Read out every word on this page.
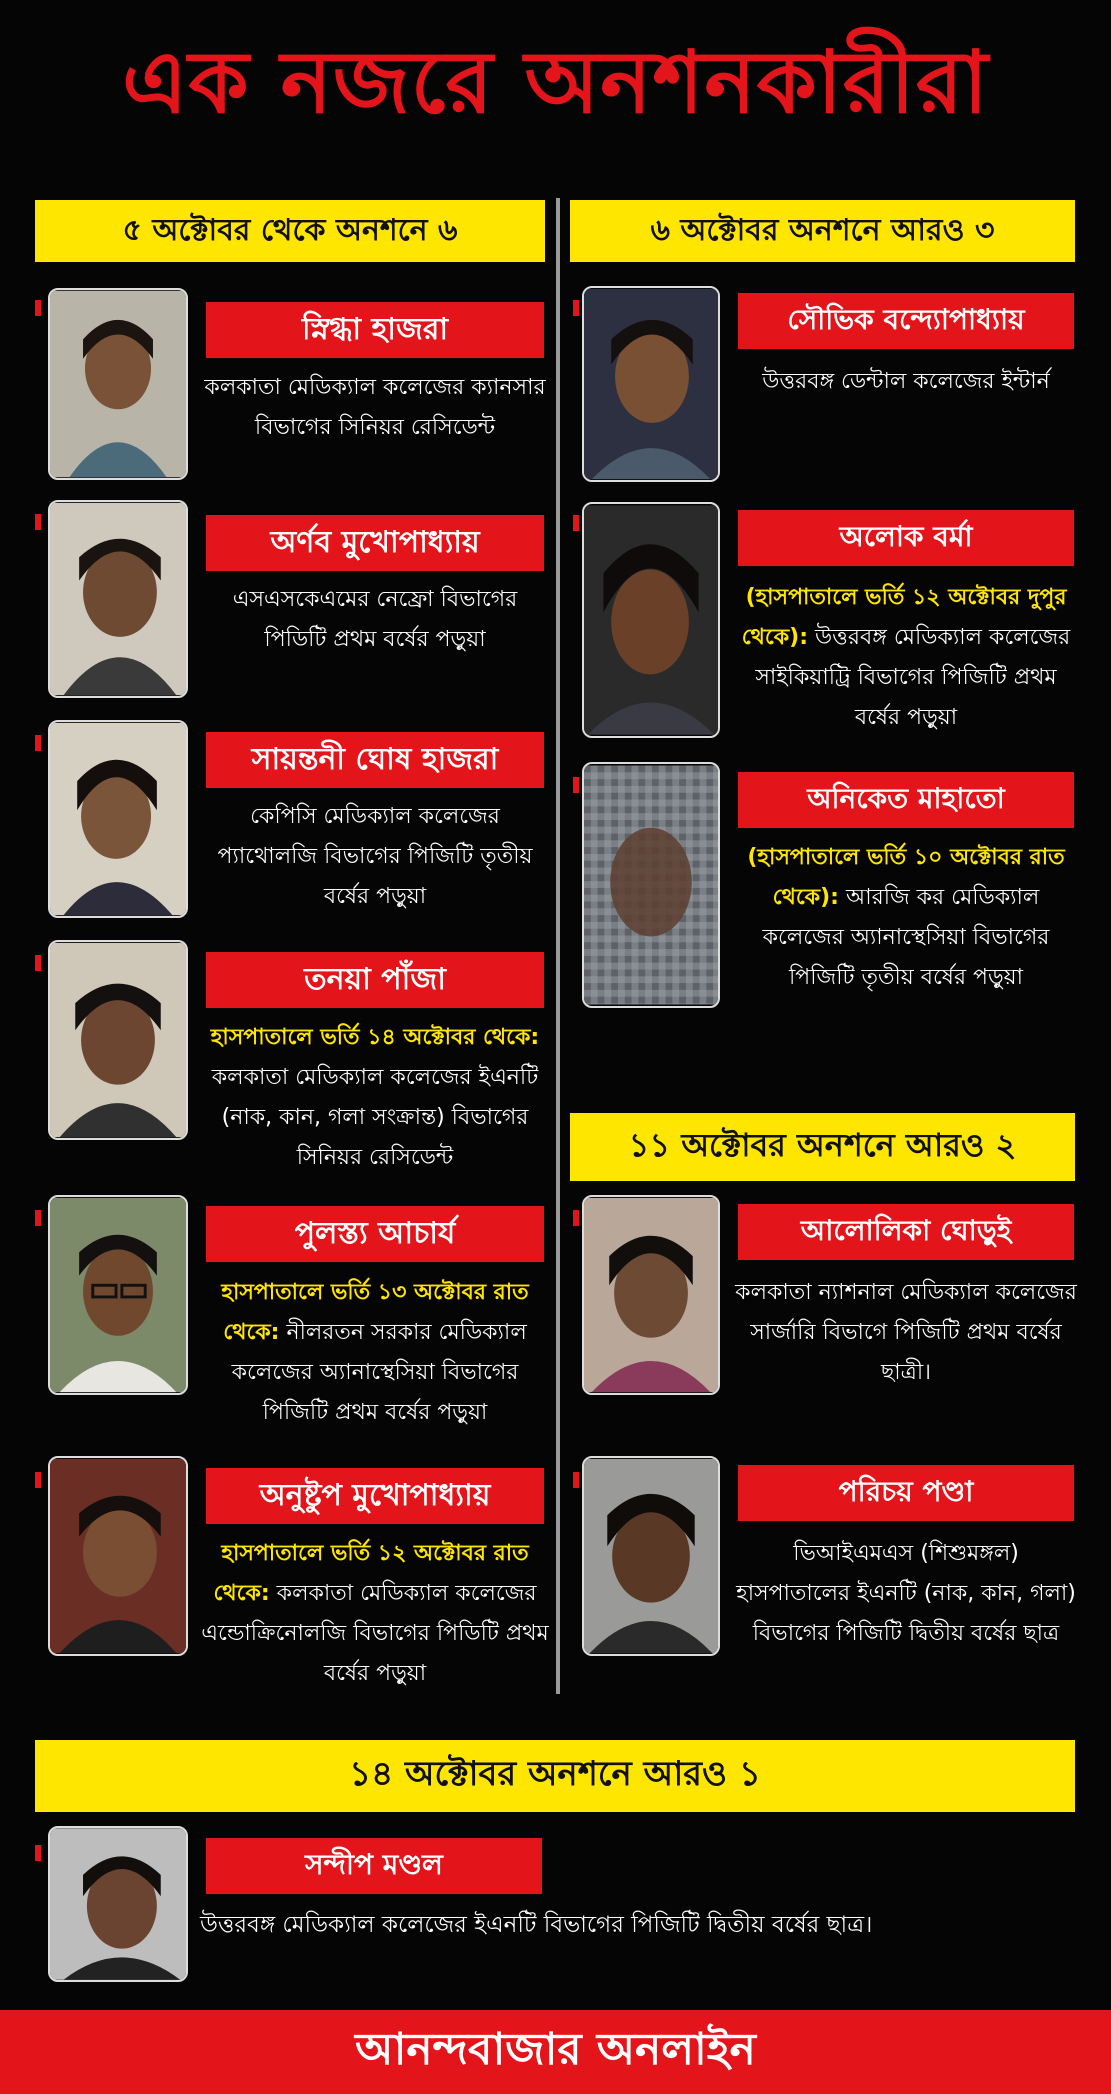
এক নজরে অনশনকারীরা
৫ অক্টোবর থেকে অনশনে ৬	৬ অক্টোবর অনশনে আরও ৩
১১ অক্টোবর অনশনে আরও ২
১৪ অক্টোবর অনশনে আরও ১
স্নিগ্ধা হাজরা
কলকাতা মেডিক্যাল কলেজের ক্যানসার বিভাগের সিনিয়র রেসিডেন্ট
অর্ণব মুখোপাধ্যায়
এসএসকেএমের নেফ্রো বিভাগের পিডিটি প্রথম বর্ষের পড়ুয়া
সায়ন্তনী ঘোষ হাজরা
কেপিসি মেডিক্যাল কলেজের প্যাথোলজি বিভাগের পিজিটি তৃতীয় বর্ষের পড়ুয়া
তনয়া পাঁজা
হাসপাতালে ভর্তি ১৪ অক্টোবর থেকে: কলকাতা মেডিক্যাল কলেজের ইএনটি (নাক, কান, গলা সংক্রান্ত) বিভাগের সিনিয়র রেসিডেন্ট
পুলস্ত্য আচার্য
হাসপাতালে ভর্তি ১৩ অক্টোবর রাত থেকে: নীলরতন সরকার মেডিক্যাল কলেজের অ্যানাস্থেসিয়া বিভাগের পিজিটি প্রথম বর্ষের পড়ুয়া
অনুষ্টুপ মুখোপাধ্যায়
হাসপাতালে ভর্তি ১২ অক্টোবর রাত থেকে: কলকাতা মেডিক্যাল কলেজের এন্ডোক্রিনোলজি বিভাগের পিডিটি প্রথম বর্ষের পড়ুয়া
সৌভিক বন্দ্যোপাধ্যায়
উত্তরবঙ্গ ডেন্টাল কলেজের ইন্টার্ন
অলোক বর্মা
(হাসপাতালে ভর্তি ১২ অক্টোবর দুপুর থেকে): উত্তরবঙ্গ মেডিক্যাল কলেজের সাইকিয়াট্রি বিভাগের পিজিটি প্রথম বর্ষের পড়ুয়া
অনিকেত মাহাতো
(হাসপাতালে ভর্তি ১০ অক্টোবর রাত থেকে): আরজি কর মেডিক্যাল কলেজের অ্যানাস্থেসিয়া বিভাগের পিজিটি তৃতীয় বর্ষের পড়ুয়া
আলোলিকা ঘোড়ুই
কলকাতা ন্যাশনাল মেডিক্যাল কলেজের সার্জারি বিভাগে পিজিটি প্রথম বর্ষের ছাত্রী।
পরিচয় পণ্ডা
ভিআইএমএস (শিশুমঙ্গল) হাসপাতালের ইএনটি (নাক, কান, গলা) বিভাগের পিজিটি দ্বিতীয় বর্ষের ছাত্র
সন্দীপ মণ্ডল
উত্তরবঙ্গ মেডিক্যাল কলেজের ইএনটি বিভাগের পিজিটি দ্বিতীয় বর্ষের ছাত্র।
আনন্দবাজার অনলাইন
